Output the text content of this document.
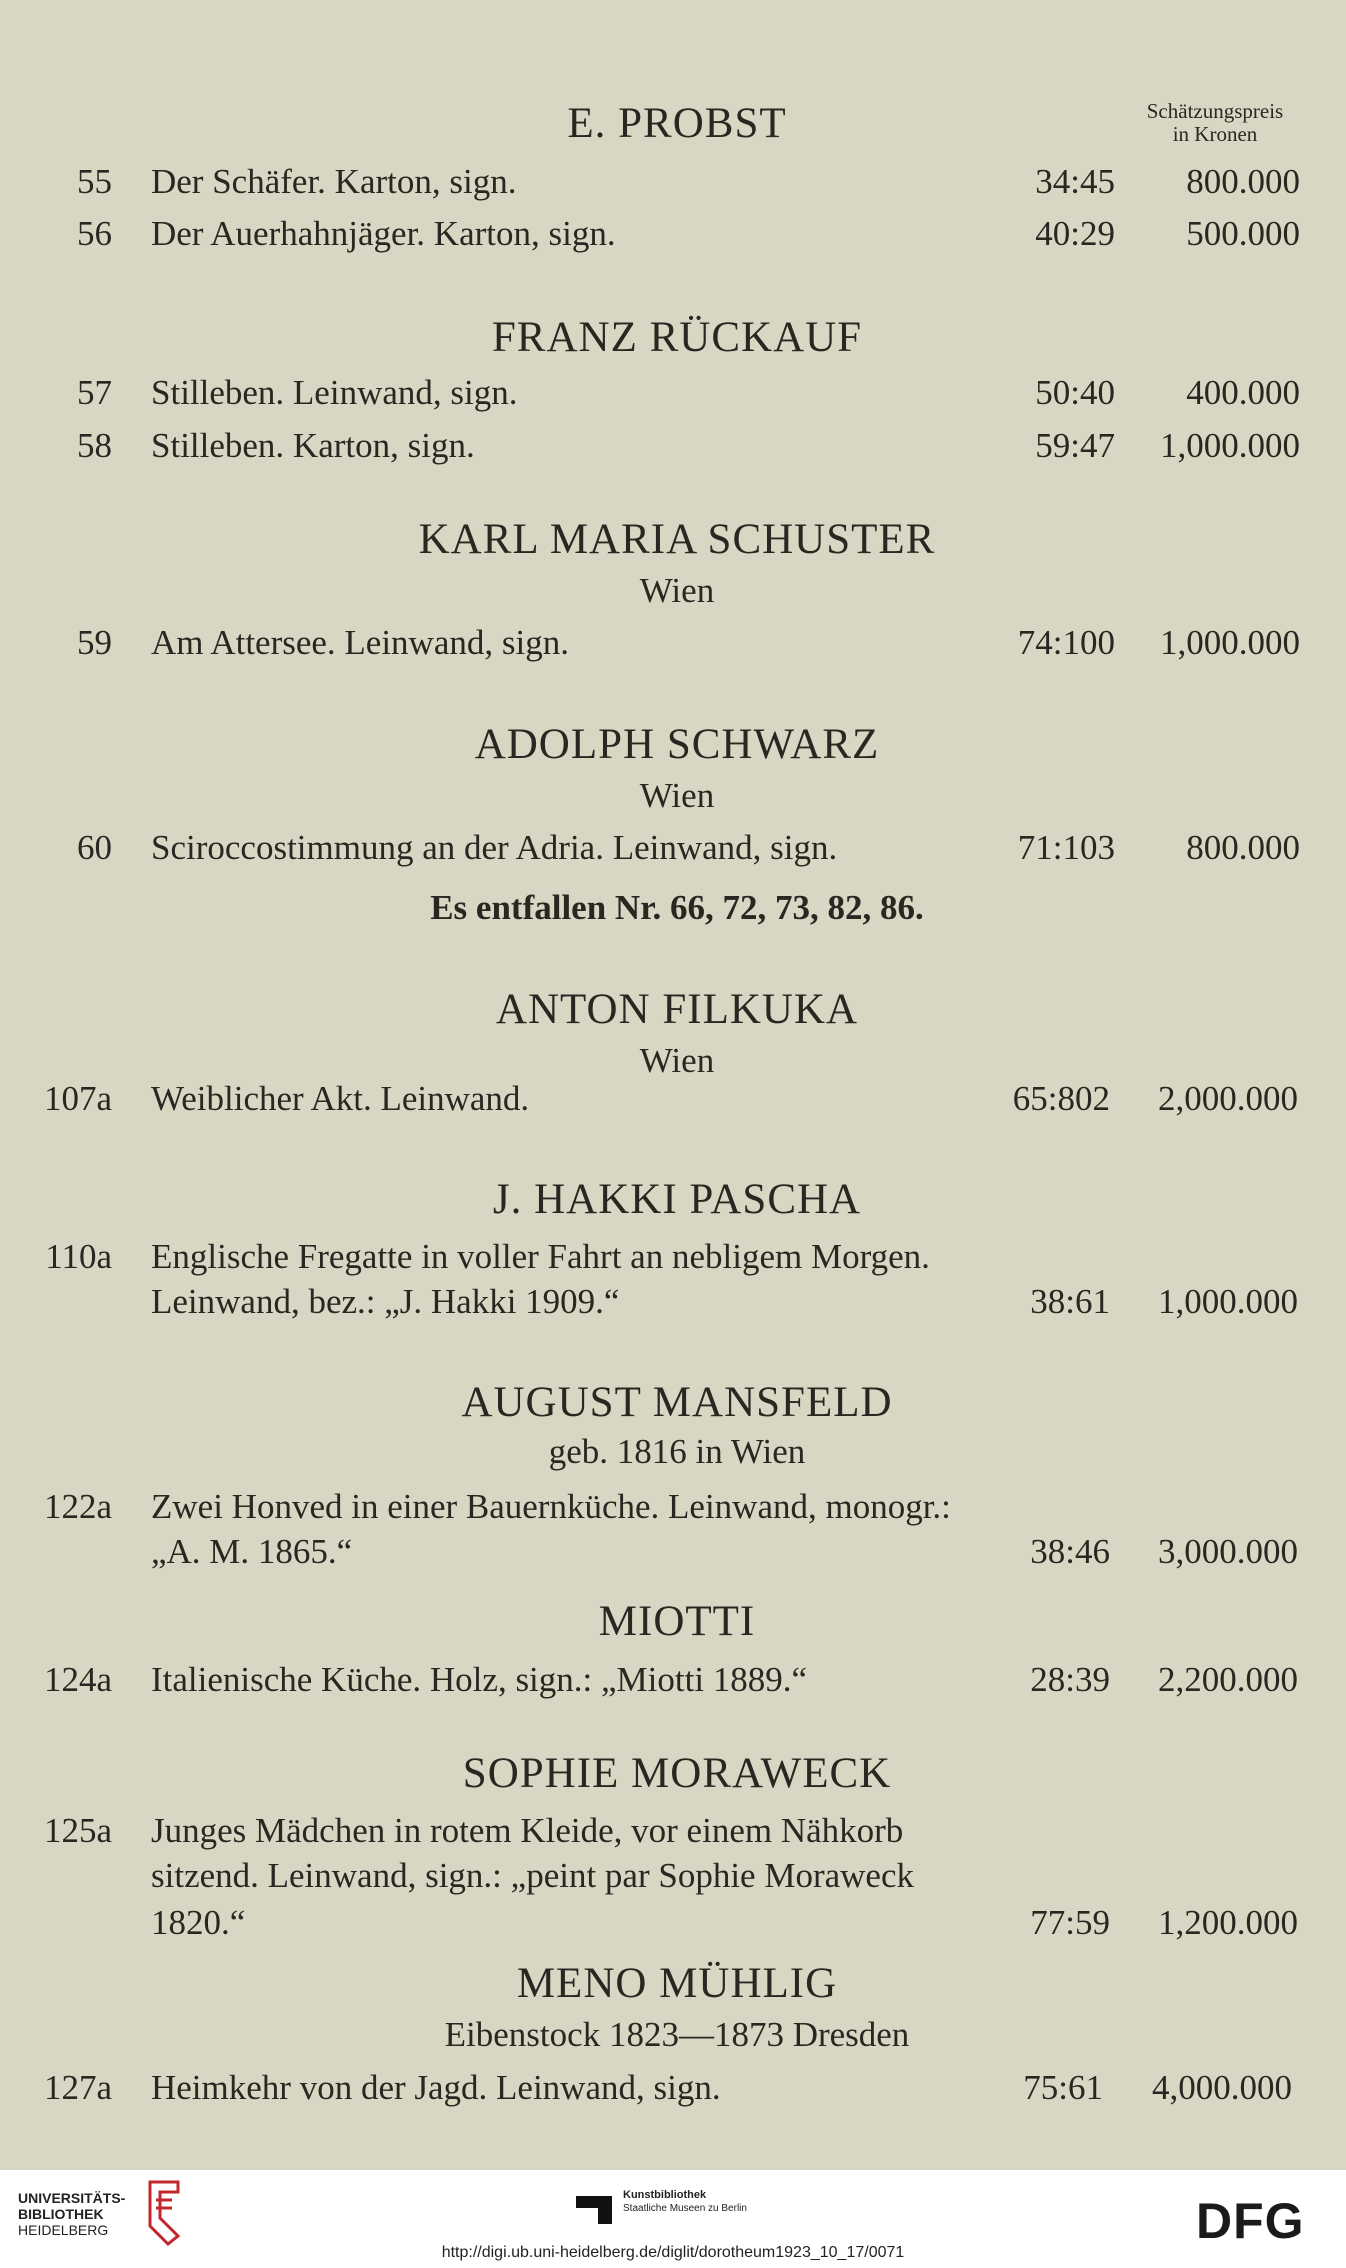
Schätzungspreis
in Kronen
E. PROBST
55 Der Schäfer. Karton, sign.	34:45	800.000
56 Der Auerhahnjäger. Karton, sign.	40:29	500.000
FRANZ RÜCKAUF
57 Stilleben. Leinwand, sign.	50:40	400.000
58 Stilleben. Karton, sign.	59:47	1,000.000
KARL MARIA SCHUSTER
Wien
59 Am Attersee. Leinwand, sign.	74:100	1,000.000
ADOLPH SCHWARZ
Wien
60 Sciroccostimmung an der Adria. Leinwand, sign.	71:103	800.000
Es entfallen Nr. 66, 72, 73, 82, 86.
ANTON FILKUKA
Wien
107a Weiblicher Akt. Leinwand.	65:802	2,000.000
J. HAKKI PASCHA
110a Englische Fregatte in voller Fahrt an nebligem Morgen.
Leinwand, bez.: „J. Hakki 1909.“	38:61	1,000.000
AUGUST MANSFELD
geb. 1816 in Wien
122a Zwei Honved in einer Bauernküche. Leinwand, monogr.:
„A. M. 1865.“	38:46	3,000.000
MIOTTI
124a Italienische Küche. Holz, sign.: „Miotti 1889.“	28:39	2,200.000
SOPHIE MORAWECK
125a Junges Mädchen in rotem Kleide, vor einem Nähkorb
sitzend. Leinwand, sign.: „peint par Sophie Moraweck
1820.“	77:59	1,200.000
MENO MÜHLIG
Eibenstock 1823—1873 Dresden
127a Heimkehr von der Jagd. Leinwand, sign.	75:61	4,000.000
UNIVERSITÄTS-
BIBLIOTHEK
HEIDELBERG
Kunstbibliothek
Staatliche Museen zu Berlin	DFG
http://digi.ub.uni-heidelberg.de/diglit/dorotheum1923_10_17/0071
